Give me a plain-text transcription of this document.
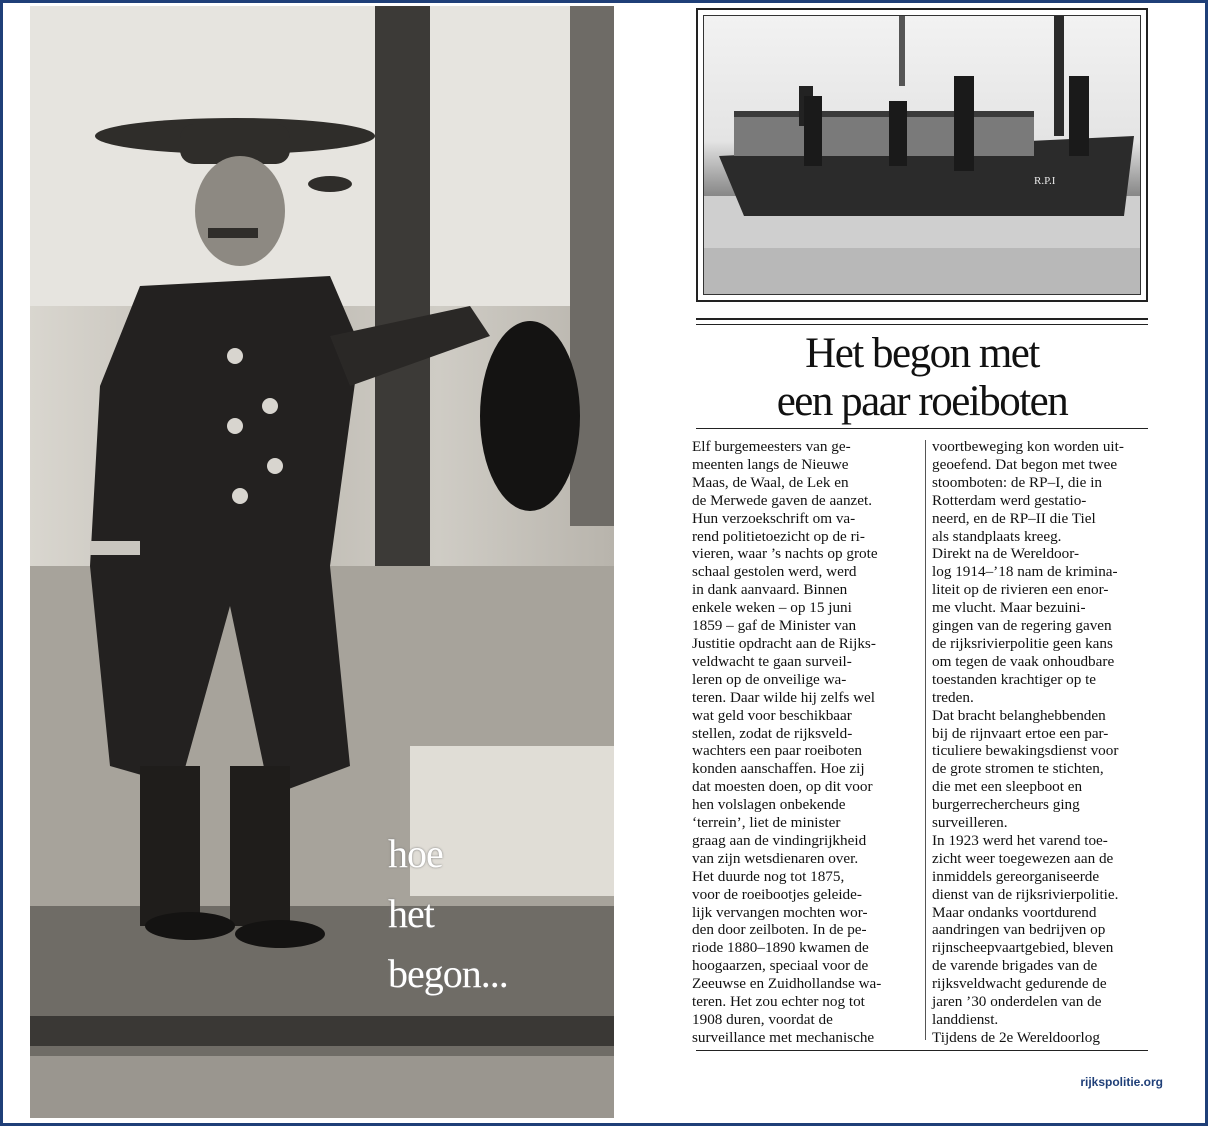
hoe
het
begon...
R.P.I
Het begon met
een paar roeiboten
Elf burgemeesters van ge-
meenten langs de Nieuwe
Maas, de Waal, de Lek en
de Merwede gaven de aanzet.
Hun verzoekschrift om va-
rend politietoezicht op de ri-
vieren, waar ’s nachts op grote
schaal gestolen werd, werd
in dank aanvaard. Binnen
enkele weken – op 15 juni
1859 – gaf de Minister van
Justitie opdracht aan de Rijks-
veldwacht te gaan surveil-
leren op de onveilige wa-
teren. Daar wilde hij zelfs wel
wat geld voor beschikbaar
stellen, zodat de rijksveld-
wachters een paar roeiboten
konden aanschaffen. Hoe zij
dat moesten doen, op dit voor
hen volslagen onbekende
‘terrein’, liet de minister
graag aan de vindingrijkheid
van zijn wetsdienaren over.
Het duurde nog tot 1875,
voor de roeibootjes geleide-
lijk vervangen mochten wor-
den door zeilboten. In de pe-
riode 1880–1890 kwamen de
hoogaarzen, speciaal voor de
Zeeuwse en Zuidhollandse wa-
teren. Het zou echter nog tot
1908 duren, voordat de
surveillance met mechanische
voortbeweging kon worden uit-
geoefend. Dat begon met twee
stoomboten: de RP–I, die in
Rotterdam werd gestatio-
neerd, en de RP–II die Tiel
als standplaats kreeg.
Direkt na de Wereldoor-
log 1914–’18 nam de krimina-
liteit op de rivieren een enor-
me vlucht. Maar bezuini-
gingen van de regering gaven
de rijksrivierpolitie geen kans
om tegen de vaak onhoudbare
toestanden krachtiger op te
treden.
Dat bracht belanghebbenden
bij de rijnvaart ertoe een par-
ticuliere bewakingsdienst voor
de grote stromen te stichten,
die met een sleepboot en
burgerrechercheurs ging
surveilleren.
In 1923 werd het varend toe-
zicht weer toegewezen aan de
inmiddels gereorganiseerde
dienst van de rijksrivierpolitie.
Maar ondanks voortdurend
aandringen van bedrijven op
rijnscheepvaartgebied, bleven
de varende brigades van de
rijksveldwacht gedurende de
jaren ’30 onderdelen van de
landdienst.
Tijdens de 2e Wereldoorlog
rijkspolitie.org
